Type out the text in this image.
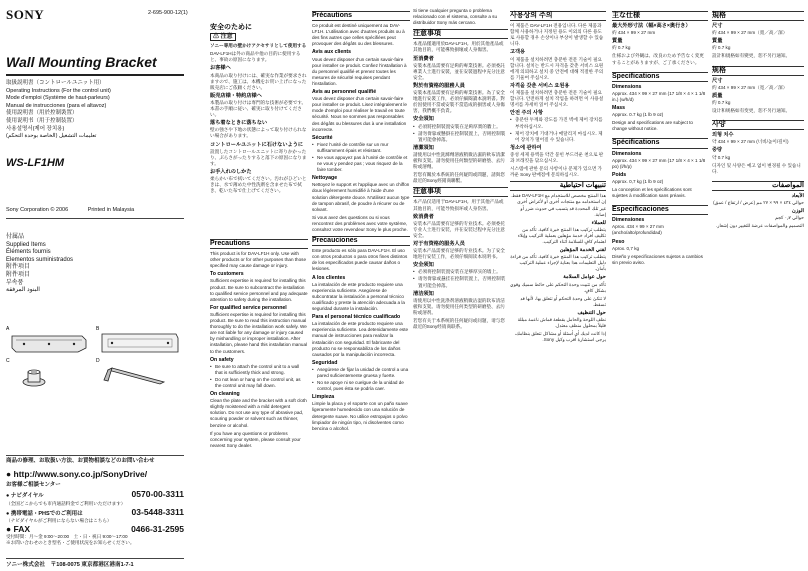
SONY	2-695-900-12(1)
Wall Mounting Bracket
取扱説明書（コントロールユニット用）
Operating Instructions (For the control unit)
Mode d'emploi (Système de haut-parleurs)
Manual de instrucciones (para el altavoz)
使用說明書（用於控制裝置）
使用说明书（用于控制装置）
사용설명서(제어 장치용)
تعليمات التشغيل (الخاصة بوحدة التحكم)
WS-LF1HM
Sony Corporation © 2006	Printed in Malaysia
付属品
Supplied Items
Éléments fournis
Elementos suministrados
附件項目
附件項目
부속품
البنود المرفقة
A	B
C	D
商品の修理、お取扱い方法、お買物相談などのお問い合わせ
● http://www.sony.co.jp/SonyDrive/
お客様ご相談センター
● ナビダイヤル	0570-00-3311
（全国どこからでも市内通話料金でご利用いただけます）
● 携帯電話・PHSでのご利用は	03-5448-3311
（ナビダイヤルがご利用にならない場合はこちら）
● FAX	0466-31-2595
受付時間：月～金 9:00～20:00　土・日・祝日 9:00～17:00
※お問い合わせのとき型名・ご使用状況をお知らせください。
ソニー株式会社　〒108-0075 東京都港区港南1-7-1
安全のために
⚠ 注意

ソニー専用の壁かけアクセサリとして使用する

DAV-LF1Hは外の商品や他の目的に使用すると、事故の原因になります。

お客様へ

本商品の取り付けには、確実な作業が要求されますので、施工は、本機をお買い上げになった販売店にご依頼ください。

販売店様・特約店様へ

本製品の取り付けは専門的な技術が必要です。本書の手順に従い、確実に取り付けてください。

落ち着なときに落ちない

壁の強さや下地の状態によって取り付けられない場合があります。

コントロールユニットに石けないように

設置したコントロールユニットに寄りかかったり、ぶらさがったりすると落下の原因になります。

お手入れのしかた

柔らかい布で拭いてください。汚れがひどいときは、水で薄めた中性洗剤を含ませた布で拭き、乾いた布で仕上げてください。

Precautions

This product is for DAV-LF1H only. Use with other products or for other purposes than those specified may cause damage or injury.

To customers

Sufficient expertise is required for installing this product. Be sure to subcontract the installation to qualified service personnel and pay adequate attention to safety during the installation.

For qualified service personnel

Sufficient expertise is required for installing this product. Be sure to read this instruction manual thoroughly to do the installation work safely. We are not liable for any damage or injury caused by mishandling or improper installation. After installation, please hand this installation manual to the customers.

On safety
• Be sure to attach the control unit to a wall that is sufficiently thick and strong.
• Do not lean or hang on the control unit, as the control unit may fall down.
On cleaning

Clean the plate and the bracket with a soft cloth slightly moistened with a mild detergent solution. Do not use any type of abrasive pad, scouring powder or solvent such as thinner, benzine or alcohol.

If you have any questions or problems concerning your system, please consult your nearest Sony dealer.

Précautions

Ce produit est destiné uniquement au DAV-LF1H. L'utilisation avec d'autres produits ou à des fins autres que celles spécifiées peut provoquer des dégâts ou des blessures.

Avis aux clients

Vous devez disposer d'un certain savoir-faire pour installer ce produit. Confiez l'installation à du personnel qualifié et prenez toutes les mesures de sécurité requises pendant l'installation.

Avis au personnel qualifié

Vous devez disposer d'un certain savoir-faire pour installer ce produit. Lisez intégralement le mode d'emploi pour réaliser le travail en toute sécurité. Nous ne sommes pas responsables des dégâts ou blessures dus à une installation incorrecte.

Sécurité
• Fixez l'unité de contrôle sur un mur suffisamment épais et résistant.
• Ne vous appuyez pas à l'unité de contrôle et ne vous y pendez pas ; vous risquez de la faire tomber.
Nettoyage

Nettoyez le support et l'applique avec un chiffon doux légèrement humidifié à l'aide d'une solution détergente douce. N'utilisez aucun type de tampon abrasif, de poudre à récurer ou de solvant.

Si vous avez des questions ou si vous rencontrez des problèmes avec votre système, consultez votre revendeur Sony le plus proche.

Precauciones

Este producto es sólo para DAV-LF1H. El uso con otros productos o para otros fines distintos de los especificados puede causar daños o lesiones.

A los clientes

La instalación de este producto requiere una experiencia suficiente. Asegúrese de subcontratar la instalación a personal técnico cualificado y preste la atención adecuada a la seguridad durante la instalación.

Para el personal técnico cualificado

La instalación de este producto requiere una experiencia suficiente. Lea detenidamente este manual de instrucciones para realizar la instalación con seguridad. El fabricante del producto no se responsabiliza de los daños causados por la manipulación incorrecta.

Seguridad
• Asegúrese de fijar la unidad de control a una pared suficientemente gruesa y fuerte.
• No se apoye ni se cuelgue de la unidad de control, pues ésta se podría caer.
Limpieza

Limpie la placa y el soporte con un paño suave ligeramente humedecido con una solución de detergente suave. No utilice estropajos o polvo limpiador de ningún tipo, ni disolventes como bencina o alcohol.

Si tiene cualquier pregunta o problema relacionado con el sistema, consulte a su distribuidor Sony más cercano.

注意事項

本產品僅適用於DAV-LF1H。用於其他產品或其他目的，可能導致損壞或人身傷害。

至消費者

安裝本產品需要有足夠的專業技術。必須委託專業人士進行安裝，並在安裝過程中充分注意安全。

對於有資格的服務人員

安裝本產品需要有足夠的專業技術。為了安全地進行安裝工作，必須仔細閱讀本說明書。對於因使用不當或安裝不當造成的損害或人身傷害，我們概不負責。

安全須知
• 必須將控制裝置安裝在足夠厚實的牆上。
• 請勿倚靠或懸掛在控制裝置上，否則控制裝置可能會掉落。
清潔須知

請使用以中性洗滌劑溶液稍微沾濕的軟布清潔板和支架。請勿使用任何類型的研磨墊、去污粉或溶劑。

若您有關於本系統的任何疑問或問題，請與您最近的Sony經銷商聯繫。

注意事项

本产品仅适用于DAV-LF1H。用于其他产品或其他目的，可能导致损坏或人身伤害。

致消费者

安装本产品需要有足够的专业技术。必须委托专业人士进行安装，并在安装过程中充分注意安全。

对于有资格的服务人员

安装本产品需要有足够的专业技术。为了安全地进行安装工作，必须仔细阅读本说明书。

安全须知
• 必须将控制装置安装在足够厚实的墙上。
• 请勿倚靠或悬挂在控制装置上，否则控制装置可能会掉落。
清洁须知

请使用以中性洗涤剂溶液稍微沾湿的软布清洁板和支架。请勿使用任何类型的研磨垫、去污粉或溶剂。

若您有关于本系统的任何疑问或问题，请与您最近的Sony经销商联系。

사용상의 주의

이 제품은 DAV-LF1H 전용입니다. 다른 제품과 함께 사용하거나 지정된 용도 이외의 다른 용도로 사용할 경우 손상이나 부상이 발생할 수 있습니다.

고객용

이 제품을 설치하려면 충분한 전문 기술이 필요합니다. 설치는 반드시 자격을 갖춘 서비스 요원에게 의뢰하고 설치 중 안전에 대해 적절한 주의를 기울여 주십시오.

자격을 갖춘 서비스 요원용

이 제품을 설치하려면 충분한 전문 기술이 필요합니다. 안전하게 설치 작업을 하려면 이 사용설명서를 자세히 읽어 주십시오.

안전 주의 사항
• 충분한 두께와 강도를 가진 벽에 제어 장치를 부착하십시오.
• 제어 장치에 기대거나 매달리지 마십시오. 제어 장치가 떨어질 수 있습니다.
청소에 관하여

중성 세제 용액을 약간 묻힌 부드러운 천으로 판과 브래킷을 닦으십시오.

시스템에 관한 문의 사항이나 문제가 있으면 가까운 Sony 판매점에 문의하십시오.

تنبيهات احتياطية

هذا المنتج مخصص للاستخدام مع DAV-LF1H فقط. إن استخدامه مع منتجات أخرى أو لأغراض أخرى غير تلك المحددة قد يتسبب في حدوث ضرر أو إصابة.

للعملاء

يتطلب تركيب هذا المنتج خبرة كافية. تأكد من تكليف أفراد خدمة مؤهلين بعملية التركيب وإيلاء اهتمام كافٍ للسلامة أثناء التركيب.

لفني الخدمة المؤهلين

يتطلب تركيب هذا المنتج خبرة كافية. تأكد من قراءة دليل التعليمات هذا بعناية لإجراء عملية التركيب بأمان.

حول عوامل السلامة

تأكد من تثبيت وحدة التحكم على حائط سميك وقوي بشكل كافٍ.

لا تتكئ على وحدة التحكم أو تتعلق بها، لأنها قد تسقط.

حول التنظيف

نظف اللوحة والحامل بقطعة قماش ناعمة مبللة قليلاً بمحلول منظف معتدل.

إذا كانت لديك أي أسئلة أو مشاكل تتعلق بنظامك، يرجى استشارة أقرب وكيل Sony.

主な仕様
最大外形寸法（幅×高さ×奥行き）

約 434 × 99 × 27 mm

質量

約 0.7 kg

仕様および外観は、改良のため予告なく変更することがありますが、ご了承ください。

Specifications
Dimensions

Approx. 434 × 99 × 27 mm (17 1/8 × 4 × 1 1/8 in.) (w/h/d)

Mass

Approx. 0.7 kg (1 lb 9 oz)

Design and specifications are subject to change without notice.

Spécifications
Dimensions

Approx. 434 × 99 × 27 mm (17 1/8 × 4 × 1 1/8 po) (l/h/p)

Poids

Approx. 0,7 kg (1 lb 9 oz)

La conception et les spécifications sont sujettes à modification sans préavis.

Especificaciones
Dimensiones

Aprox. 434 × 99 × 27 mm (ancho/alto/profundidad)

Peso

Aprox. 0,7 kg

Diseño y especificaciones sujetos a cambios sin previo aviso.

規格
尺寸

約 434 × 99 × 27 mm（寬／高／深）

質量

約 0.7 kg

設計和規格如有變更，恕不另行通知。

规格
尺寸

约 434 × 99 × 27 mm（宽／高／深）

质量

约 0.7 kg

设计和规格如有变更，恕不另行通知。

사양
외형 치수

약 434 × 99 × 27 mm (너비/높이/깊이)

중량

약 0.7 kg

디자인 및 사양은 예고 없이 변경될 수 있습니다.

المواصفات
الأبعاد

حوالي ٤٣٤ × ٩٩ × ٢٧ مم (عرض / ارتفاع / عمق)

الوزن

حوالي ٠٫٧ كجم

التصميم والمواصفات عرضة للتغيير دون إشعار.
